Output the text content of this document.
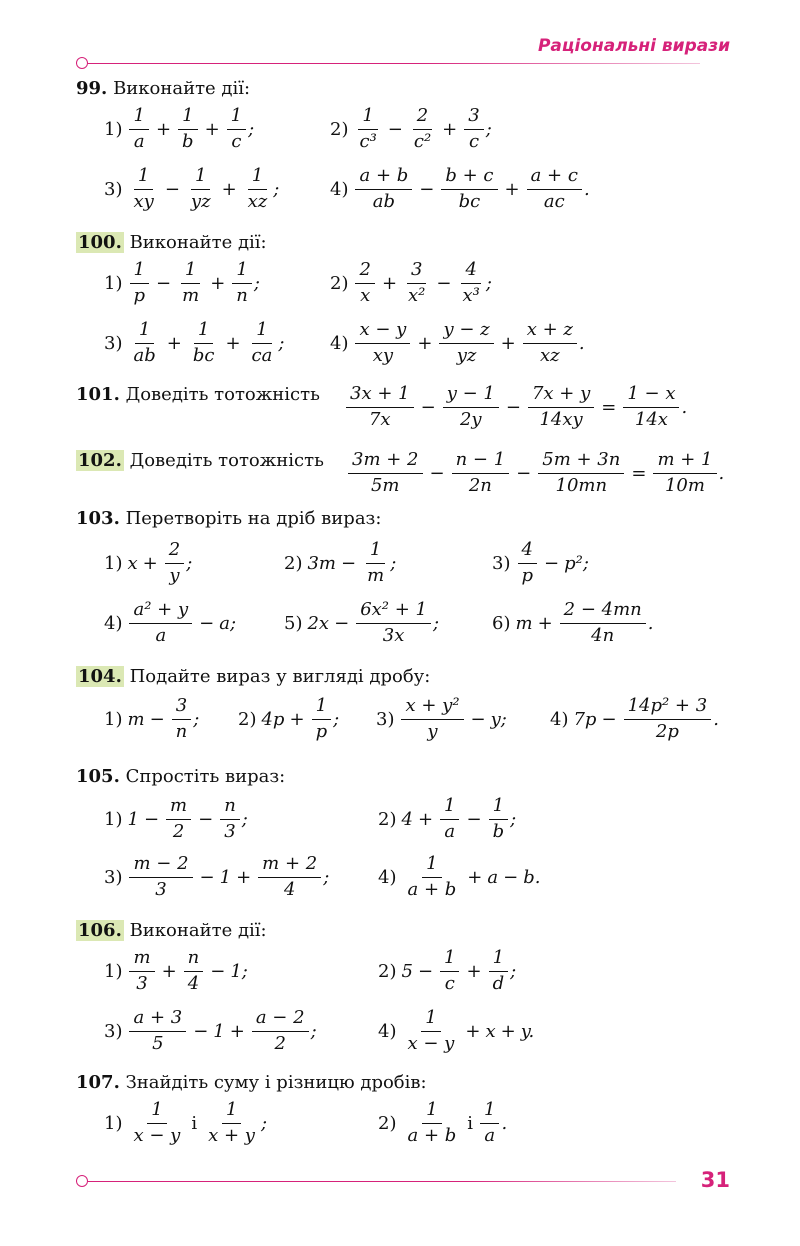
Раціональні вирази
99. Виконайте дії:
$1) \frac{1}{a} + \frac{1}{b} + \frac{1}{c}$ ;	$2) \frac{1}{\text{c³}} - \frac{2}{\text{c²}} + \frac{3}{c}$ ;
$3) \frac{1}{xy} - \frac{1}{yz} + \frac{1}{xz}$ ;	$4) \frac{a + b}{ab} - \frac{b + c}{bc} + \frac{a + c}{ac}$ .
100. Виконайте дії:
$1) \frac{1}{p} - \frac{1}{m} + \frac{1}{n}$ ;	$2) \frac{2}{x} + \frac{3}{\text{x²}} - \frac{4}{\text{x³}}$ ;
$3) \frac{1}{ab} + \frac{1}{bc} + \frac{1}{ca}$ ;	$4) \frac{x - y}{xy} + \frac{y - z}{yz} + \frac{x + z}{xz}$ .
101.
Доведіть тотожність $\frac{3x + 1}{7x} - \frac{y - 1}{2y} - \frac{7x + y}{14xy} = \frac{1 - x}{14x}$ .
102.
Доведіть тотожність $\frac{3m + 2}{5m} - \frac{n - 1}{2n} - \frac{5m + 3n}{10mn} = \frac{m + 1}{10m}$ .
103. Перетворіть на дріб вираз:
1) $x + \frac{2}{y}$ ;	2) $3m - \frac{1}{m}$ ;	$3) \frac{4}{p} - p^2$;
$4) \frac{\text{a² + y}}{a} - a$;	5) $2x - \frac{\text{6x² + 1}}{3x}$ ;	6) $m + \frac{2 - 4mn}{4n}$ .
104. Подайте вираз у вигляді дробу:
1) $m - \frac{3}{n}$ ; 2) $4p + \frac{1}{p}$ ; $3) \frac{\text{x + y²}}{y} - y$; 4) $7p - \frac{\text{14p² + 3}}{2p}$ .
105. Спростіть вираз:
1) $1 - \frac{m}{2} - \frac{n}{3}$ ;	2) $4 + \frac{1}{a} - \frac{1}{b}$ ;
$3) \frac{m - 2}{3} - 1 + \frac{m + 2}{4}$ ;	$4) \frac{1}{a + b} + a - b$.
106. Виконайте дії:
$1) \frac{m}{3} + \frac{n}{4} - 1$;	2) $5 - \frac{1}{c} + \frac{1}{d}$ ;
$3) \frac{a + 3}{5} - 1 + \frac{a - 2}{2}$ ;	$4) \frac{1}{x - y} + x + y$.
107. Знайдіть суму і різницю дробів:
$1) \frac{1}{x - y}$ і $\frac{1}{x + y}$ ;	$2) \frac{1}{a + b}$ і $\frac{1}{a}$ .
31
